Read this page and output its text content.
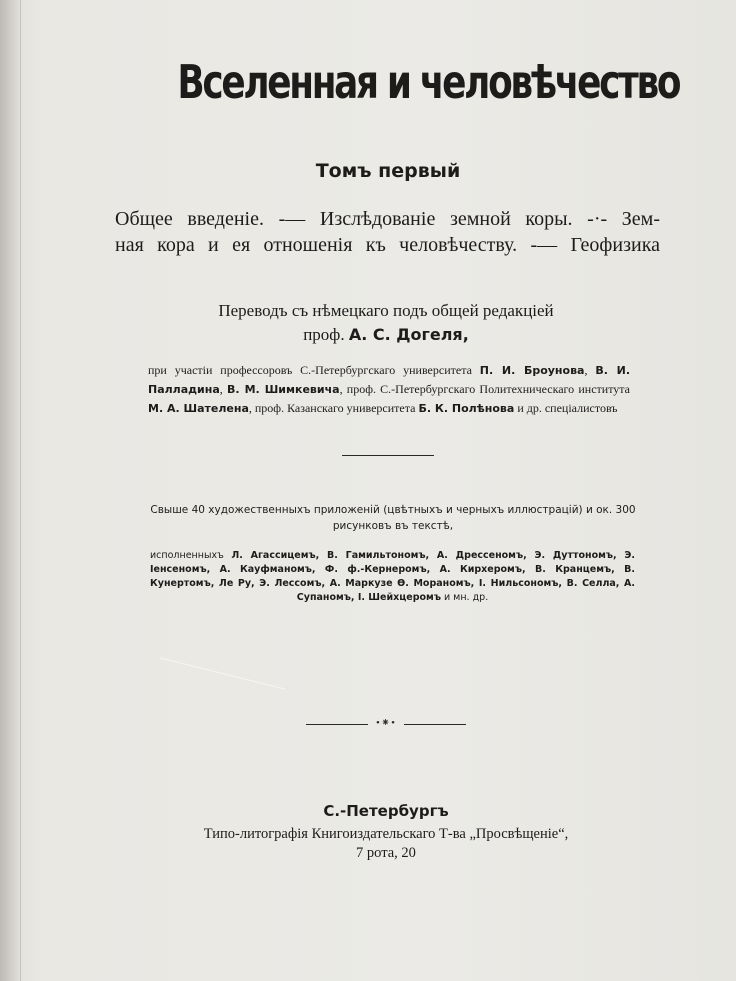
Вселенная и человѣчество
Томъ первый
Общее введеніе. -— Изслѣдованіе земной коры. -·- Зем-
ная кора и ея отношенія къ человѣчеству. -— Геофизика
Переводъ съ нѣмецкаго подъ общей редакціей
проф. А. С. Догеля,
при участіи профессоровъ С.-Петербургскаго университета П. И. Броунова, В. И. Палладина, В. М. Шимкевича, проф. С.-Петербургскаго Политехническаго института М. А. Шателена, проф. Казанскаго университета Б. К. Полѣнова и др. спеціалистовъ
Свыше 40 художественныхъ приложеній (цвѣтныхъ и черныхъ иллюстрацій) и ок. 300 рисунковъ въ текстѣ,
исполненныхъ Л. Агассицемъ, В. Гамильтономъ, А. Дрессеномъ, Э. Дуттономъ, Э. Іенсеномъ, А. Кауфманомъ, Ф. ф.-Кернеромъ, А. Кирхеромъ, В. Кранцемъ, В. Кунертомъ, Ле Ру, Э. Лессомъ, А. Маркузе Ѳ. Мораномъ, I. Нильсономъ, В. Селла, А. Супаномъ, I. Шейхцеромъ и мн. др.
•⁕•
С.-Петербургъ
Типо-литографія Книгоиздательскаго Т-ва „Просвѣщеніе“,
7 рота, 20
